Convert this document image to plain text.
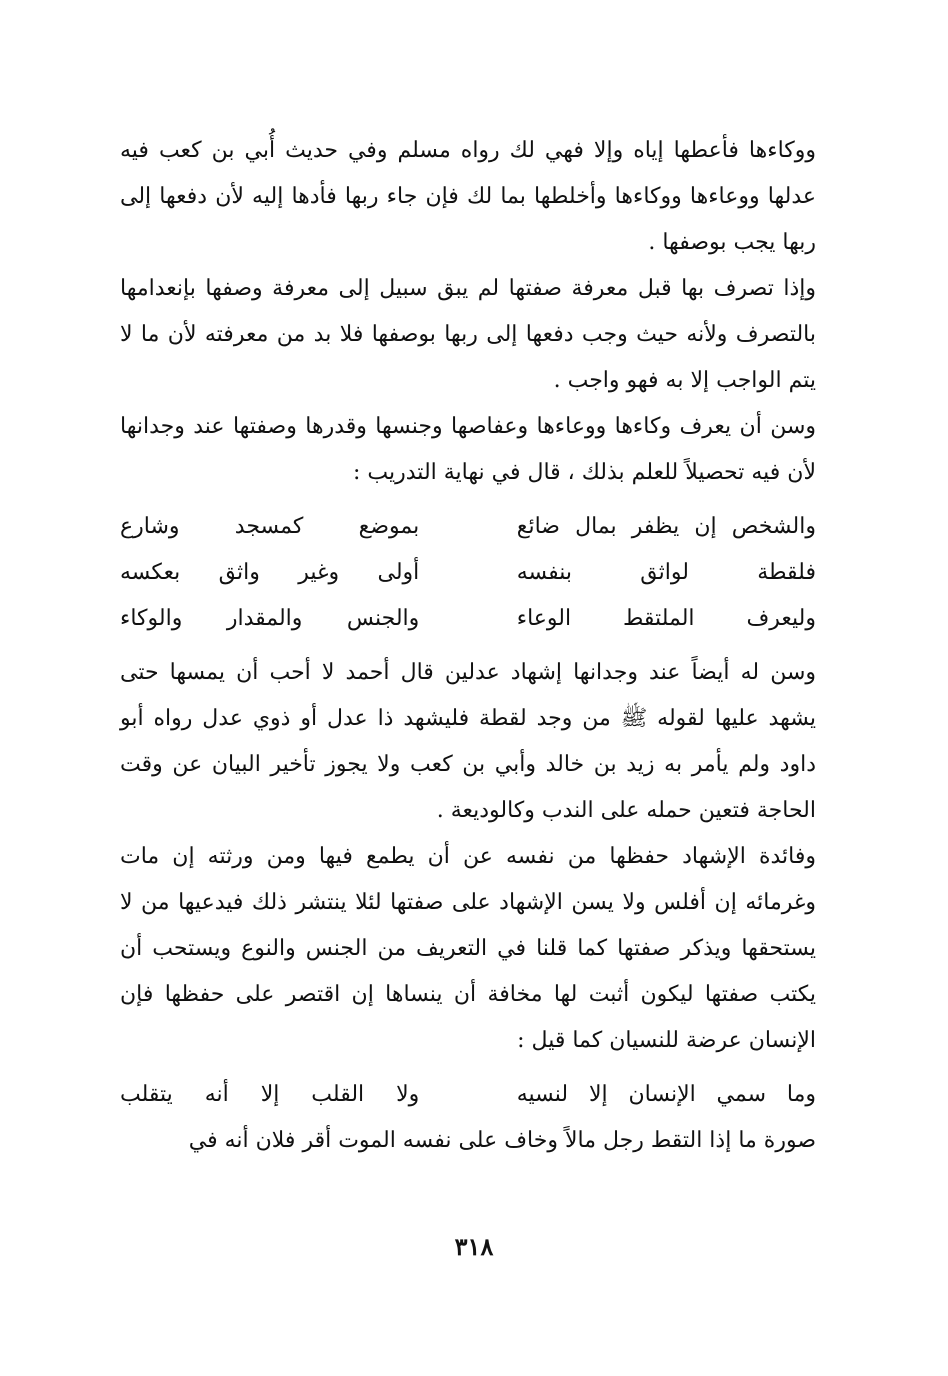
ووكاءها فأعطها إياه وإلا فهي لك رواه مسلم وفي حديث أُبي بن كعب فيه عدلها ووعاءها ووكاءها وأخلطها بما لك فإن جاء ربها فأدها إليه لأن دفعها إلى ربها يجب بوصفها .

وإذا تصرف بها قبل معرفة صفتها لم يبق سبيل إلى معرفة وصفها بإنعدامها بالتصرف ولأنه حيث وجب دفعها إلى ربها بوصفها فلا بد من معرفته لأن ما لا يتم الواجب إلا به فهو واجب .

وسن أن يعرف وكاءها ووعاءها وعفاصها وجنسها وقدرها وصفتها عند وجدانها لأن فيه تحصيلاً للعلم بذلك ، قال في نهاية التدريب :

والشخص إن يظفر بمال ضائع
بموضع كمسجد وشارع
فلقطة لواثق بنفسه
أولى وغير واثق بعكسه
وليعرف الملتقط الوعاء
والجنس والمقدار والوكاء

وسن له أيضاً عند وجدانها إشهاد عدلين قال أحمد لا أحب أن يمسها حتى يشهد عليها لقوله ﷺ من وجد لقطة فليشهد ذا عدل أو ذوي عدل رواه أبو داود ولم يأمر به زيد بن خالد وأبي بن كعب ولا يجوز تأخير البيان عن وقت الحاجة فتعين حمله على الندب وكالوديعة .

وفائدة الإشهاد حفظها من نفسه عن أن يطمع فيها ومن ورثته إن مات وغرمائه إن أفلس ولا يسن الإشهاد على صفتها لئلا ينتشر ذلك فيدعيها من لا يستحقها ويذكر صفتها كما قلنا في التعريف من الجنس والنوع ويستحب أن يكتب صفتها ليكون أثبت لها مخافة أن ينساها إن اقتصر على حفظها فإن الإنسان عرضة للنسيان كما قيل :

وما سمي الإنسان إلا لنسيه
ولا القلب إلا أنه يتقلب

صورة ما إذا التقط رجل مالاً وخاف على نفسه الموت أقر فلان أنه في

٣١٨
